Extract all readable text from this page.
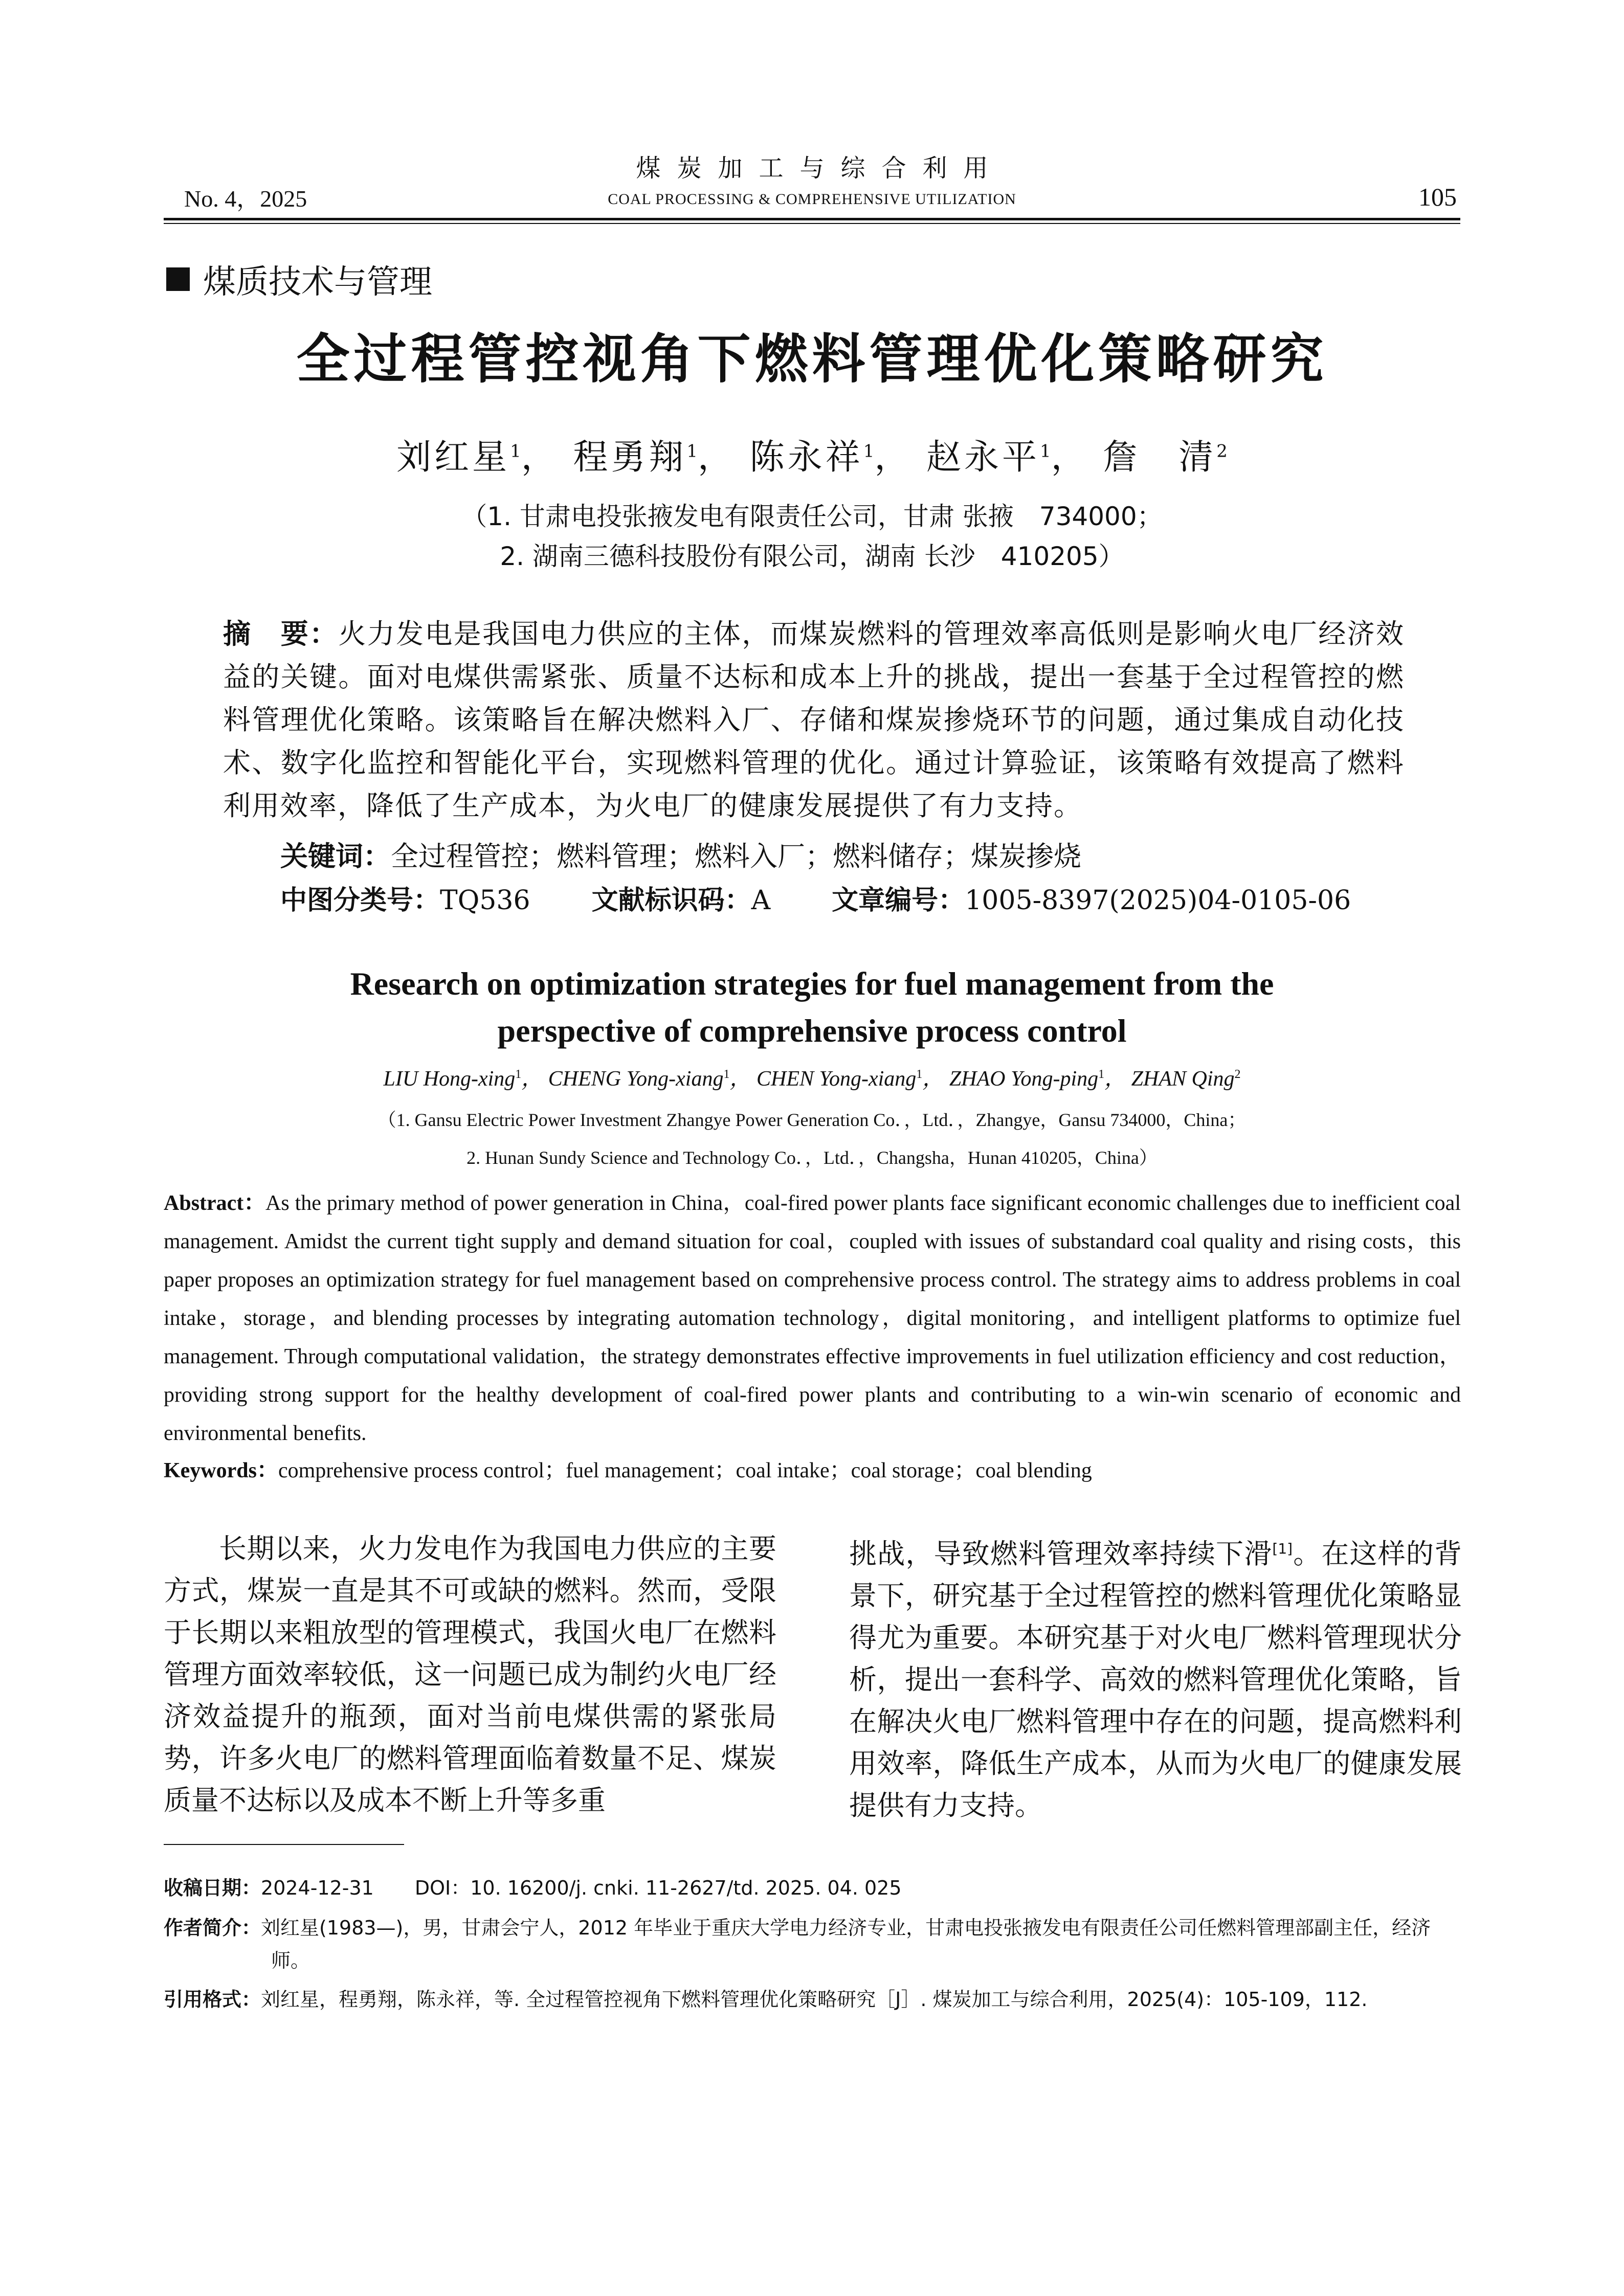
No. 4，2025
煤炭加工与综合利用
COAL PROCESSING & COMPREHENSIVE UTILIZATION	105
煤质技术与管理
全过程管控视角下燃料管理优化策略研究
刘红星$^1$， 程勇翔$^1$， 陈永祥$^1$， 赵永平$^1$， 詹　清$^2$
（1. 甘肃电投张掖发电有限责任公司，甘肃 张掖　734000；
2. 湖南三德科技股份有限公司，湖南 长沙　410205）
摘　要：火力发电是我国电力供应的主体，而煤炭燃料的管理效率高低则是影响火电厂经济效益的关键。面对电煤供需紧张、质量不达标和成本上升的挑战，提出一套基于全过程管控的燃料管理优化策略。该策略旨在解决燃料入厂、存储和煤炭掺烧环节的问题，通过集成自动化技术、数字化监控和智能化平台，实现燃料管理的优化。通过计算验证，该策略有效提高了燃料利用效率，降低了生产成本，为火电厂的健康发展提供了有力支持。
关键词：全过程管控；燃料管理；燃料入厂；燃料储存；煤炭掺烧
中图分类号：TQ536 文献标识码：A 文章编号：1005-8397(2025)04-0105-06
Research on optimization strategies for fuel management from the
perspective of comprehensive process control
LIU Hong-xing$^1$， CHENG Yong-xiang$^1$， CHEN Yong-xiang$^1$， ZHAO Yong-ping$^1$， ZHAN Qing$^2$
（1. Gansu Electric Power Investment Zhangye Power Generation Co．，Ltd．，Zhangye，Gansu 734000，China；
2. Hunan Sundy Science and Technology Co．，Ltd．，Changsha，Hunan 410205，China）
Abstract：As the primary method of power generation in China，coal-fired power plants face significant economic challenges due to inefficient coal management. Amidst the current tight supply and demand situation for coal，coupled with issues of substandard coal quality and rising costs，this paper proposes an optimization strategy for fuel management based on comprehensive process control. The strategy aims to address problems in coal intake，storage，and blending processes by integrating automation technology，digital monitoring，and intelligent platforms to optimize fuel management. Through computational validation，the strategy demonstrates effective improvements in fuel utilization efficiency and cost reduction，providing strong support for the healthy development of coal-fired power plants and contributing to a win-win scenario of economic and environmental benefits.
Keywords：comprehensive process control；fuel management；coal intake；coal storage；coal blending
长期以来，火力发电作为我国电力供应的主要方式，煤炭一直是其不可或缺的燃料。然而，受限于长期以来粗放型的管理模式，我国火电厂在燃料管理方面效率较低，这一问题已成为制约火电厂经济效益提升的瓶颈，面对当前电煤供需的紧张局势，许多火电厂的燃料管理面临着数量不足、煤炭质量不达标以及成本不断上升等多重
挑战，导致燃料管理效率持续下滑[1]。在这样的背景下，研究基于全过程管控的燃料管理优化策略显得尤为重要。本研究基于对火电厂燃料管理现状分析，提出一套科学、高效的燃料管理优化策略，旨在解决火电厂燃料管理中存在的问题，提高燃料利用效率，降低生产成本，从而为火电厂的健康发展提供有力支持。
收稿日期：2024-12-31 DOI：10. 16200/j. cnki. 11-2627/td. 2025. 04. 025
作者简介：刘红星(1983—)，男，甘肃会宁人，2012 年毕业于重庆大学电力经济专业，甘肃电投张掖发电有限责任公司任燃料管理部副主任，经济师。
引用格式：刘红星，程勇翔，陈永祥，等. 全过程管控视角下燃料管理优化策略研究［J］. 煤炭加工与综合利用，2025(4)：105-109，112.
